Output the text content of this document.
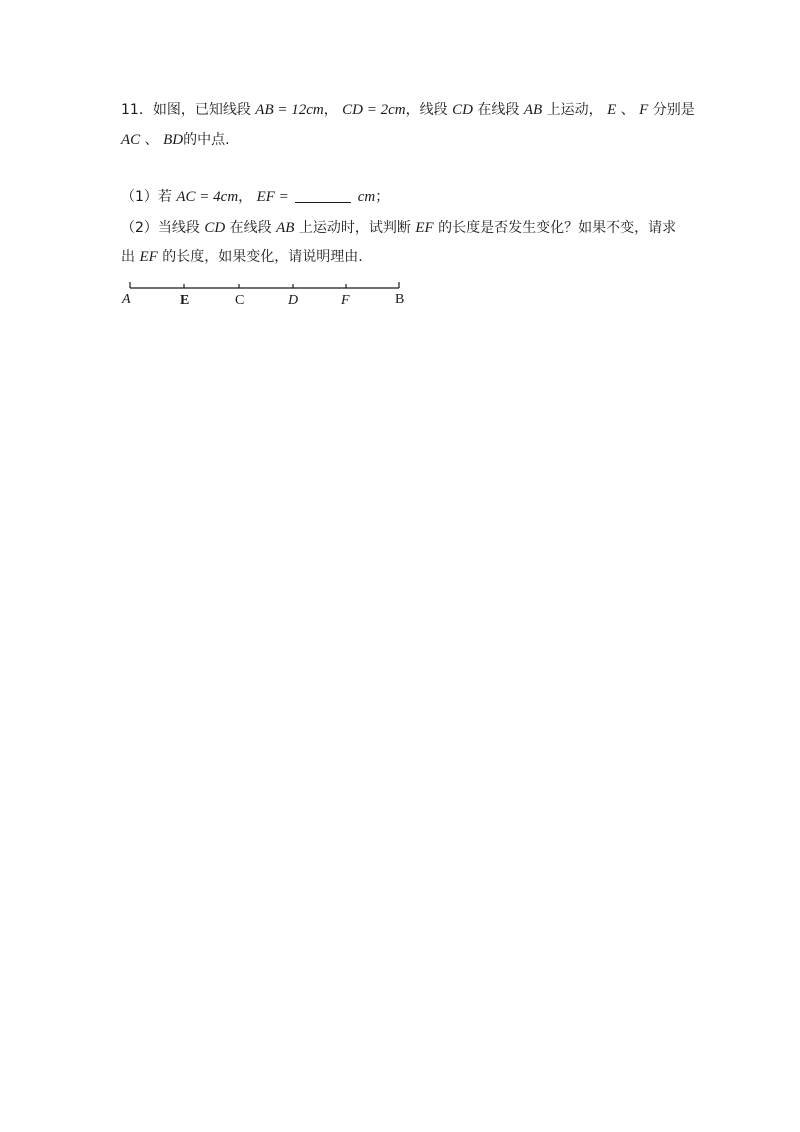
11．如图，已知线段 AB = 12cm， CD = 2cm，线段 CD 在线段 AB 上运动， E 、 F 分别是
AC 、 BD的中点.
（1）若 AC = 4cm， EF =	cm；
（2）当线段 CD 在线段 AB 上运动时，试判断 EF 的长度是否发生变化？如果不变，请求
出 EF 的长度，如果变化，请说明理由.
A	E	C	D	F	B
